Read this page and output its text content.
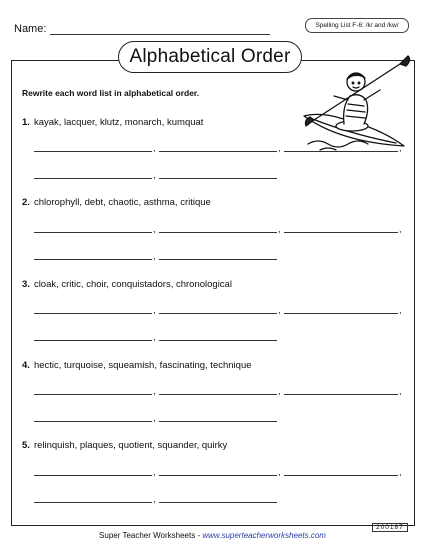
Name:	Spelling List F-6: /k/ and /kw/
Alphabetical Order
Rewrite each word list in alphabetical order.
1. kayak, lacquer, klutz, monarch, kumquat
,	,	,
,
2. chlorophyll, debt, chaotic, asthma, critique
,	,	,
,
3. cloak, critic, choir, conquistadors, chronological
,	,	,
,
4. hectic, turquoise, squeamish, fascinating, technique
,	,	,
,
5. relinquish, plaques, quotient, squander, quirky
,	,	,
,
200187
Super Teacher Worksheets - www.superteacherworksheets.com
